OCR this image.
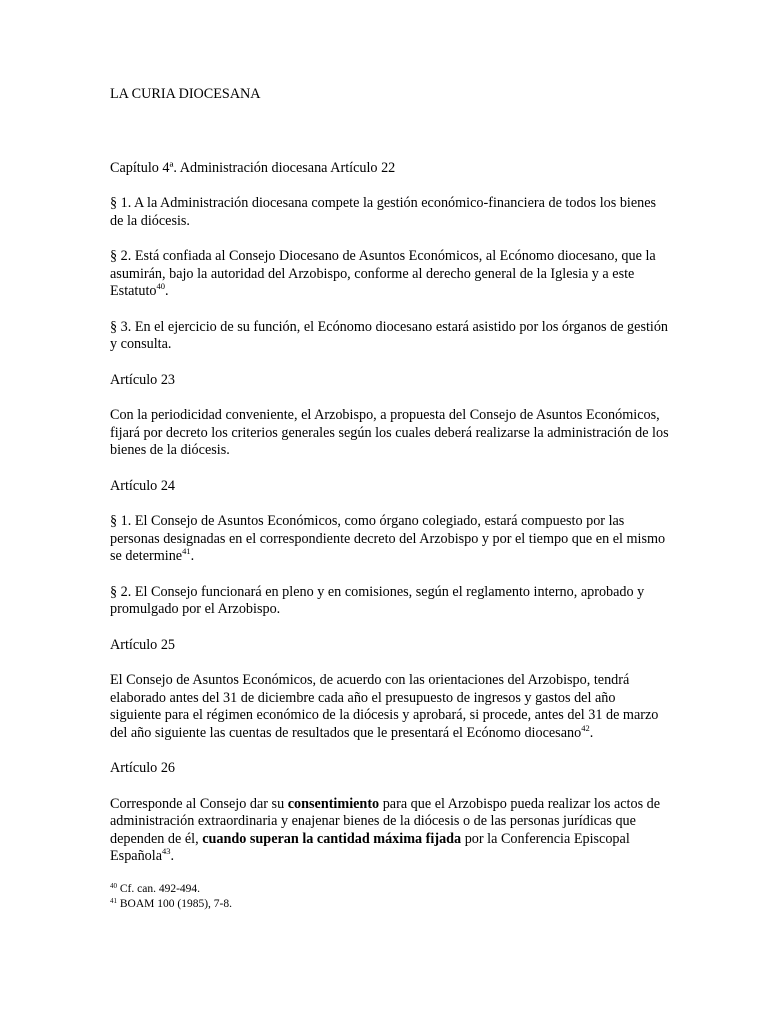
LA CURIA DIOCESANA

Capítulo 4ª. Administración diocesana Artículo 22

§ 1. A la Administración diocesana compete la gestión económico-financiera de todos los bienes de la diócesis.

§ 2. Está confiada al Consejo Diocesano de Asuntos Económicos, al Ecónomo diocesano, que la asumirán, bajo la autoridad del Arzobispo, conforme al derecho general de la Iglesia y a este Estatuto$^{40}$.

§ 3. En el ejercicio de su función, el Ecónomo diocesano estará asistido por los órganos de gestión y consulta.

Artículo 23

Con la periodicidad conveniente, el Arzobispo, a propuesta del Consejo de Asuntos Económicos, fijará por decreto los criterios generales según los cuales deberá realizarse la administración de los bienes de la diócesis.

Artículo 24

§ 1. El Consejo de Asuntos Económicos, como órgano colegiado, estará compuesto por las personas designadas en el correspondiente decreto del Arzobispo y por el tiempo que en el mismo se determine$^{41}$.

§ 2. El Consejo funcionará en pleno y en comisiones, según el reglamento interno, aprobado y promulgado por el Arzobispo.

Artículo 25

El Consejo de Asuntos Económicos, de acuerdo con las orientaciones del Arzobispo, tendrá elaborado antes del 31 de diciembre cada año el presupuesto de ingresos y gastos del año siguiente para el régimen económico de la diócesis y aprobará, si procede, antes del 31 de marzo del año siguiente las cuentas de resultados que le presentará el Ecónomo diocesano$^{42}$.

Artículo 26

Corresponde al Consejo dar su consentimiento para que el Arzobispo pueda realizar los actos de administración extraordinaria y enajenar bienes de la diócesis o de las personas jurídicas que dependen de él, cuando superan la cantidad máxima fijada por la Conferencia Episcopal Española$^{43}$.

$^{40}$ Cf. can. 492-494.
$^{41}$ BOAM 100 (1985), 7-8.
